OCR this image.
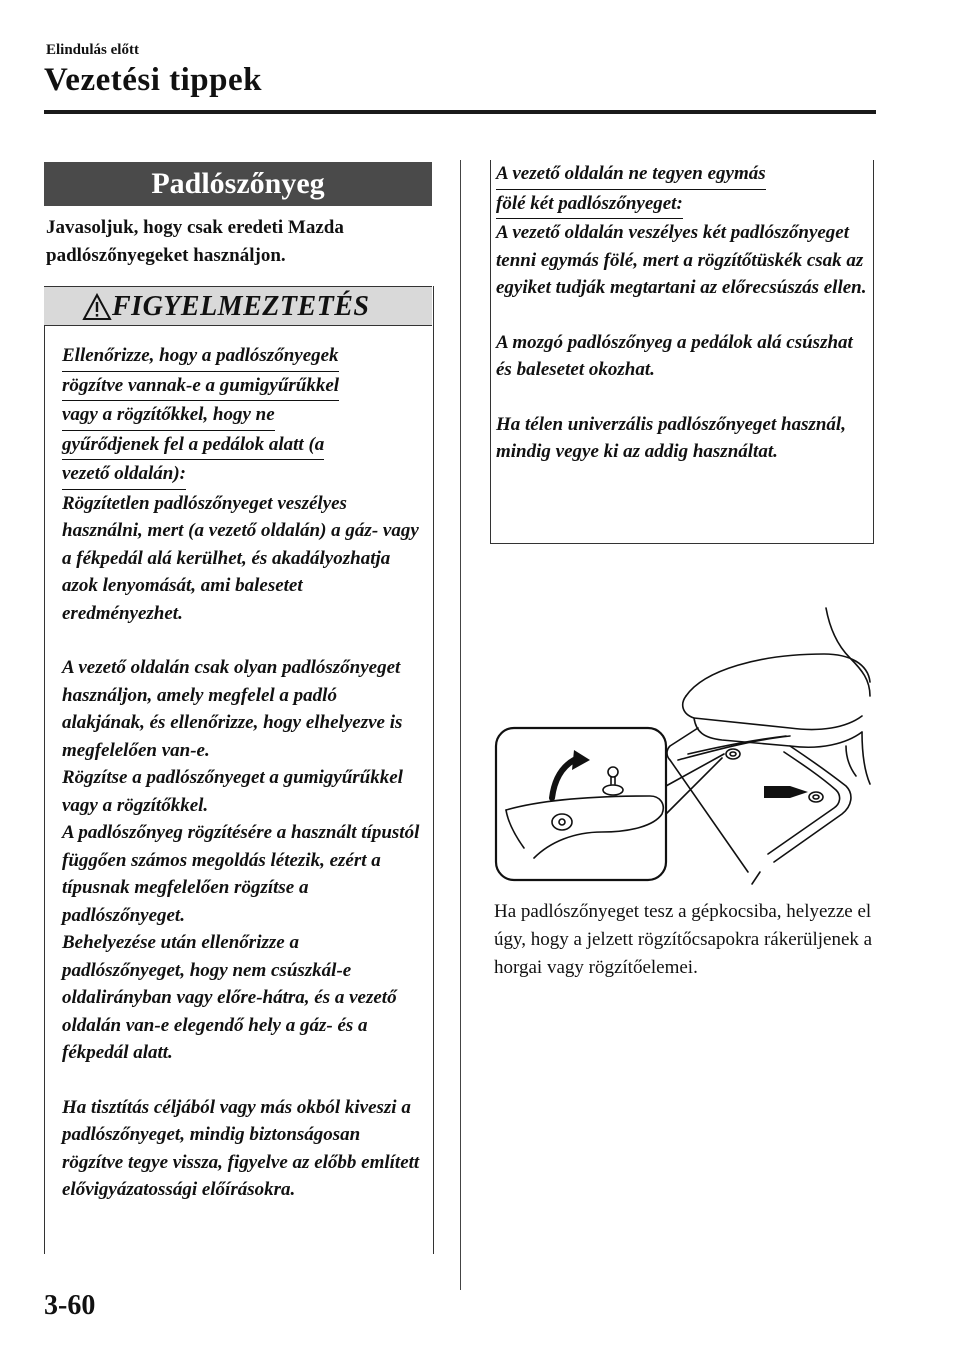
Elindulás előtt
Vezetési tippek
Padlószőnyeg
Javasoljuk, hogy csak eredeti Mazda padlószőnyegeket használjon.
FIGYELMEZTETÉS
Ellenőrizze, hogy a padlószőnyegek
rögzítve vannak-e a gumigyűrűkkel
vagy a rögzítőkkel, hogy ne
gyűrődjenek fel a pedálok alatt (a
vezető oldalán):

Rögzítetlen padlószőnyeget veszélyes használni, mert (a vezető oldalán) a gáz- vagy a fékpedál alá kerülhet, és akadályozhatja azok lenyomását, ami balesetet eredményezhet.

A vezető oldalán csak olyan padlószőnyeget használjon, amely megfelel a padló alakjának, és ellenőrizze, hogy elhelyezve is megfelelően van-e.

Rögzítse a padlószőnyeget a gumigyűrűkkel vagy a rögzítőkkel.

A padlószőnyeg rögzítésére a használt típustól függően számos megoldás létezik, ezért a típusnak megfelelően rögzítse a padlószőnyeget.

Behelyezése után ellenőrizze a padlószőnyeget, hogy nem csúszkál-e oldalirányban vagy előre-hátra, és a vezető oldalán van-e elegendő hely a gáz- és a fékpedál alatt.

Ha tisztítás céljából vagy más okból kiveszi a padlószőnyeget, mindig biztonságosan rögzítve tegye vissza, figyelve az előbb említett elővigyázatossági előírásokra.

A vezető oldalán ne tegyen egymás
fölé két padlószőnyeget:

A vezető oldalán veszélyes két padlószőnyeget tenni egymás fölé, mert a rögzítőtüskék csak az egyiket tudják megtartani az előrecsúszás ellen.

A mozgó padlószőnyeg a pedálok alá csúszhat és balesetet okozhat.

Ha télen univerzális padlószőnyeget használ, mindig vegye ki az addig használtat.

Ha padlószőnyeget tesz a gépkocsiba, helyezze el úgy, hogy a jelzett rögzítőcsapokra rákerüljenek a horgai vagy rögzítőelemei.
3-60
